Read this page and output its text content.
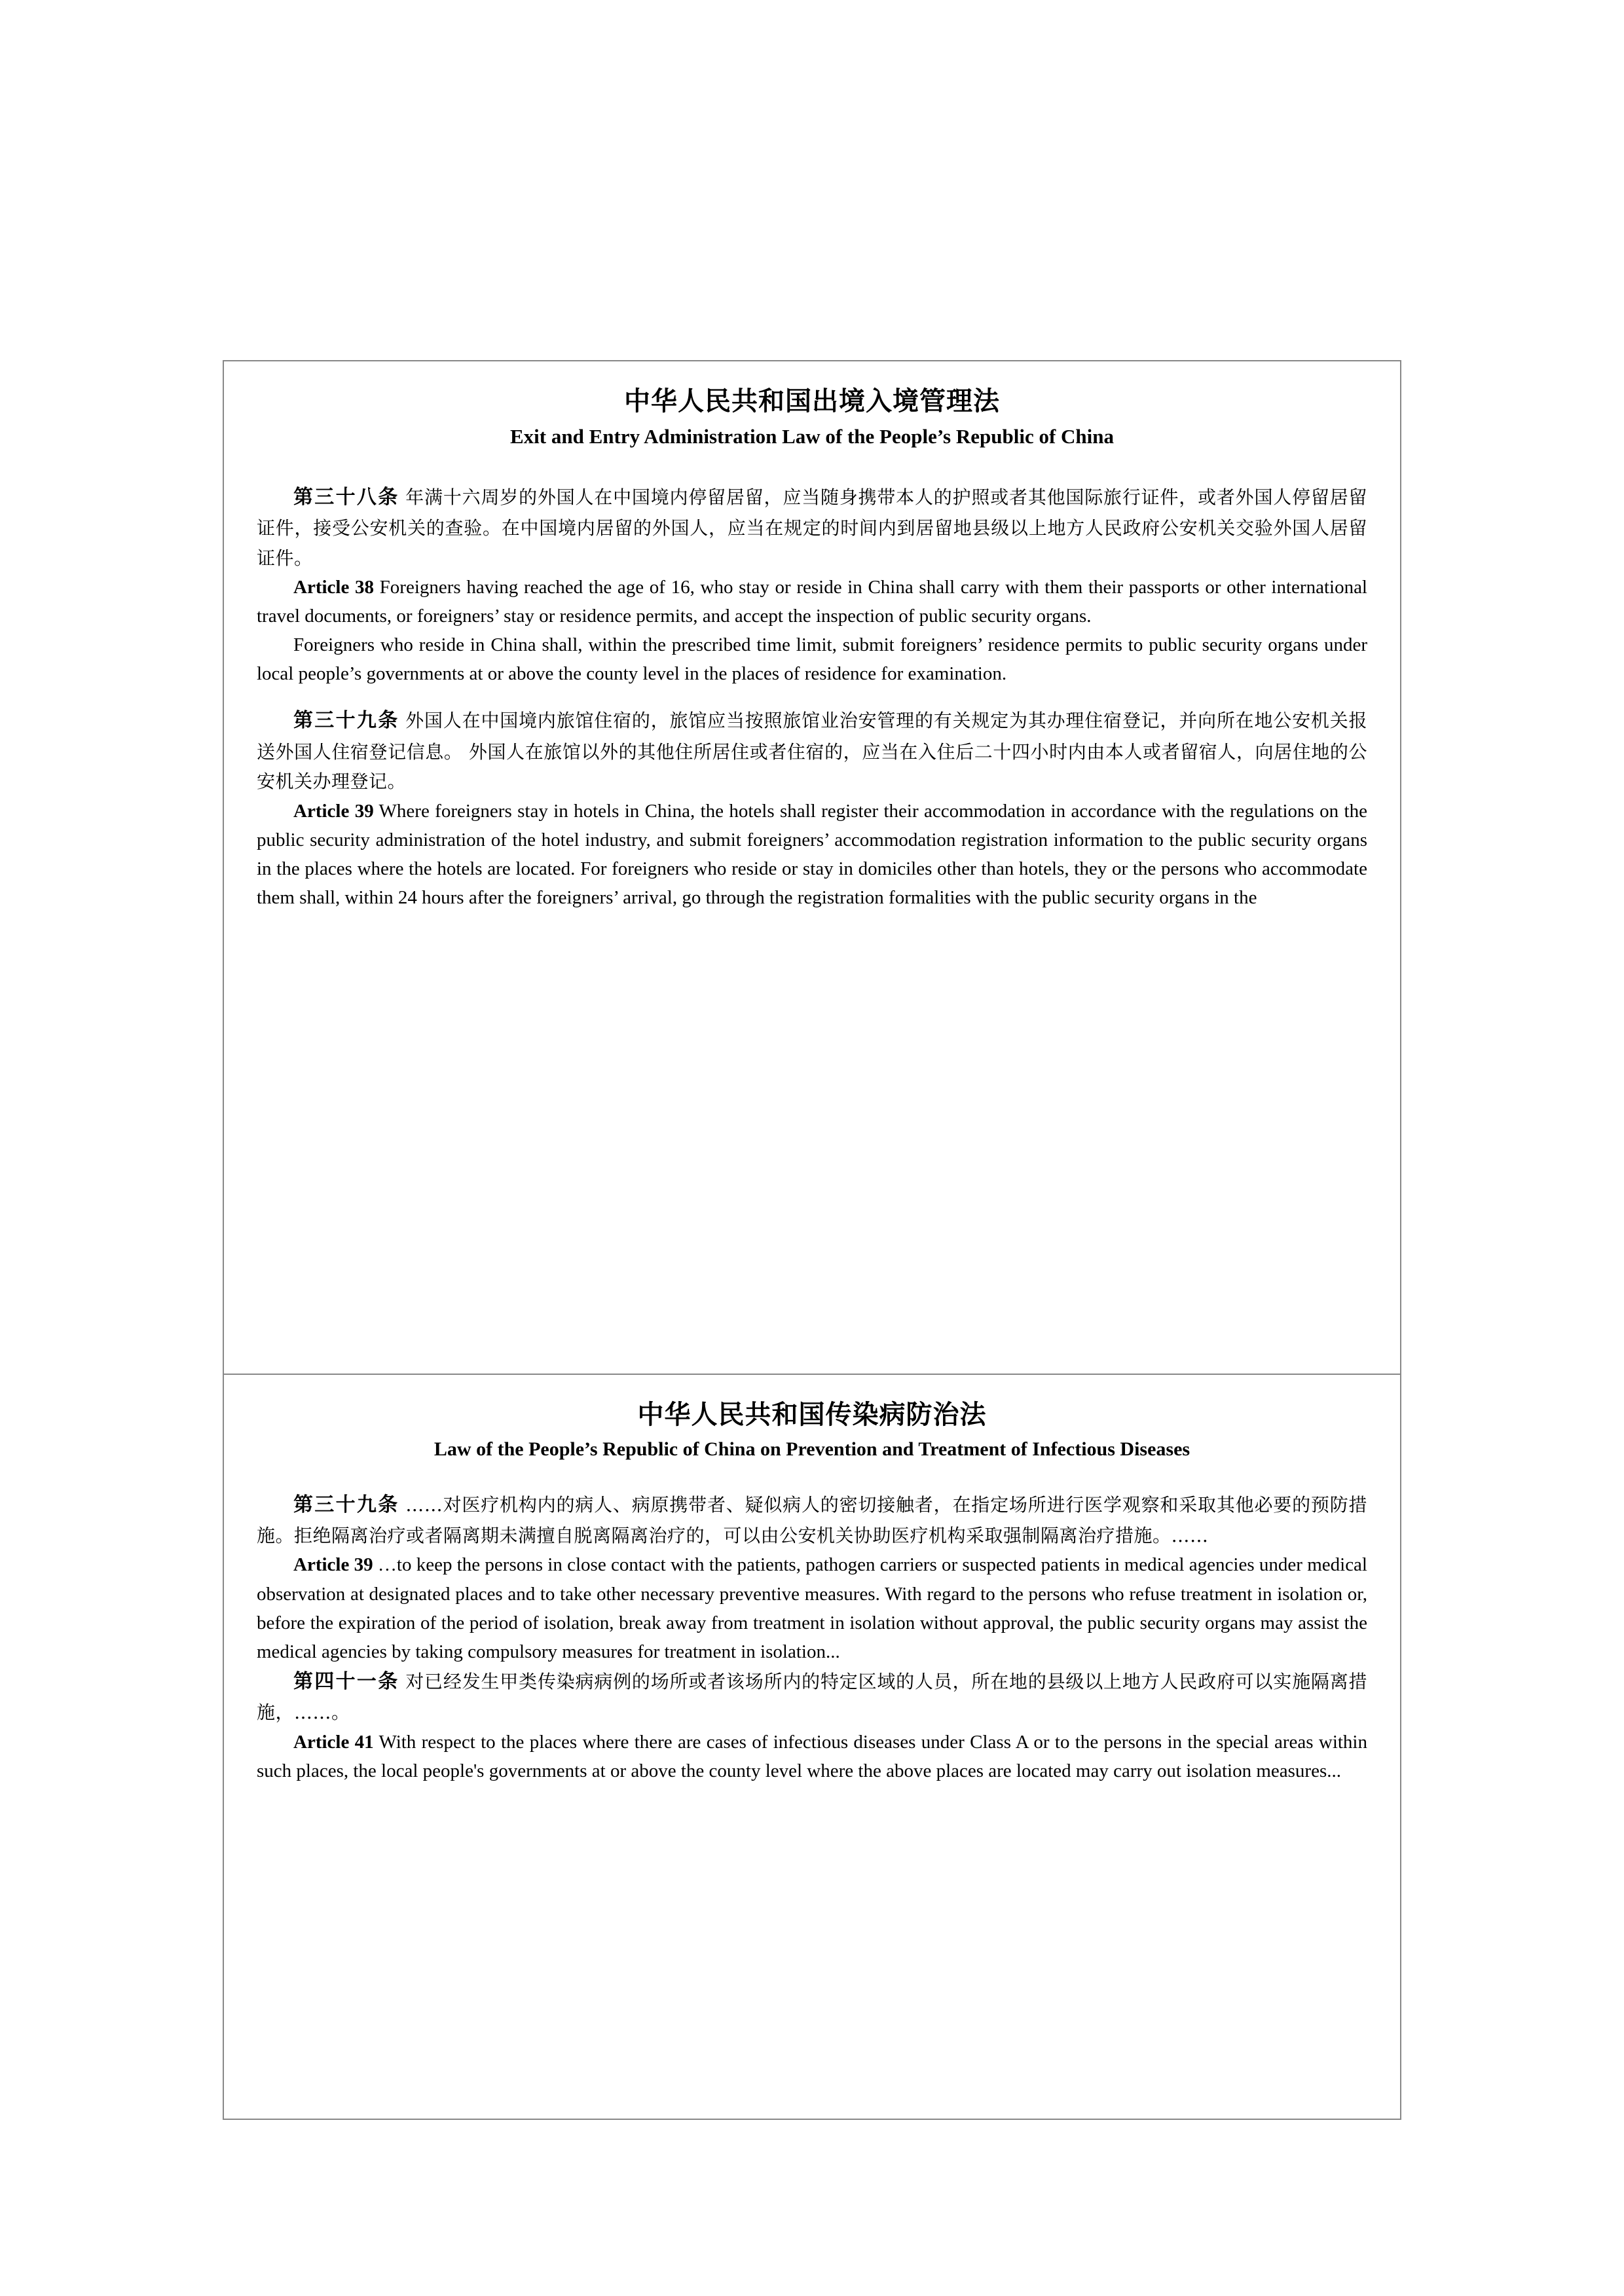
中华人民共和国出境入境管理法
Exit and Entry Administration Law of the People’s Republic of China

第三十八条 年满十六周岁的外国人在中国境内停留居留，应当随身携带本人的护照或者其他国际旅行证件，或者外国人停留居留证件，接受公安机关的查验。在中国境内居留的外国人，应当在规定的时间内到居留地县级以上地方人民政府公安机关交验外国人居留证件。

Article 38 Foreigners having reached the age of 16, who stay or reside in China shall carry with them their passports or other international travel documents, or foreigners’ stay or residence permits, and accept the inspection of public security organs.

Foreigners who reside in China shall, within the prescribed time limit, submit foreigners’ residence permits to public security organs under local people’s governments at or above the county level in the places of residence for examination.

第三十九条 外国人在中国境内旅馆住宿的，旅馆应当按照旅馆业治安管理的有关规定为其办理住宿登记，并向所在地公安机关报送外国人住宿登记信息。 外国人在旅馆以外的其他住所居住或者住宿的，应当在入住后二十四小时内由本人或者留宿人，向居住地的公安机关办理登记。

Article 39 Where foreigners stay in hotels in China, the hotels shall register their accommodation in accordance with the regulations on the public security administration of the hotel industry, and submit foreigners’ accommodation registration information to the public security organs in the places where the hotels are located. For foreigners who reside or stay in domiciles other than hotels, they or the persons who accommodate them shall, within 24 hours after the foreigners’ arrival, go through the registration formalities with the public security organs in the

中华人民共和国传染病防治法
Law of the People’s Republic of China on Prevention and Treatment of Infectious Diseases

第三十九条 ……对医疗机构内的病人、病原携带者、疑似病人的密切接触者，在指定场所进行医学观察和采取其他必要的预防措施。拒绝隔离治疗或者隔离期未满擅自脱离隔离治疗的，可以由公安机关协助医疗机构采取强制隔离治疗措施。……

Article 39 …to keep the persons in close contact with the patients, pathogen carriers or suspected patients in medical agencies under medical observation at designated places and to take other necessary preventive measures. With regard to the persons who refuse treatment in isolation or, before the expiration of the period of isolation, break away from treatment in isolation without approval, the public security organs may assist the medical agencies by taking compulsory measures for treatment in isolation...

第四十一条 对已经发生甲类传染病病例的场所或者该场所内的特定区域的人员，所在地的县级以上地方人民政府可以实施隔离措施，……。

Article 41 With respect to the places where there are cases of infectious diseases under Class A or to the persons in the special areas within such places, the local people's governments at or above the county level where the above places are located may carry out isolation measures...
